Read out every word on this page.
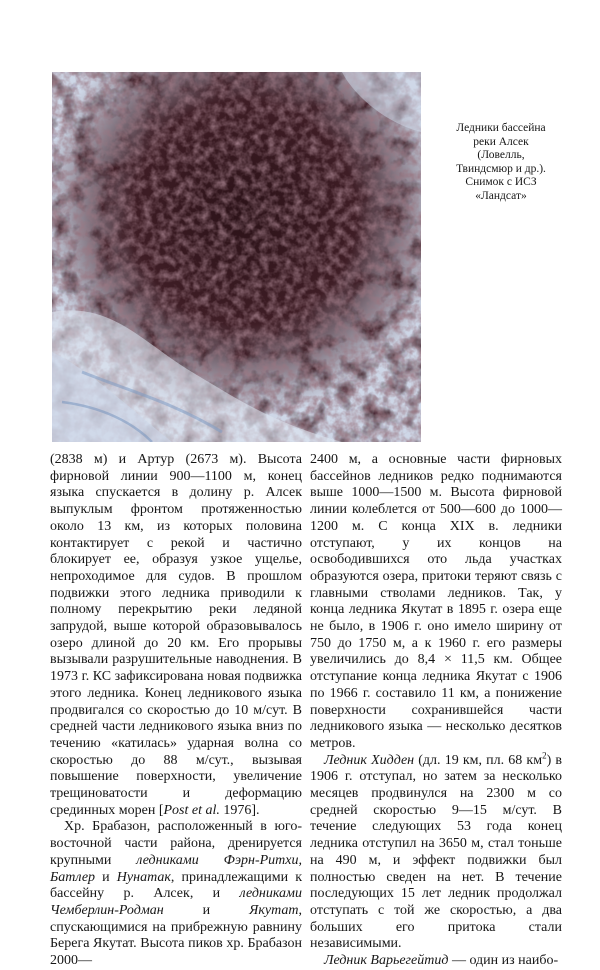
Ледники бассейна
реки Алсек
(Ловелль,
Твиндсмюр и др.).
Снимок с ИСЗ
«Ландсат»

(2838 м) и Артур (2673 м). Высота фирновой линии 900—1100 м, конец языка спускается в долину р. Алсек выпуклым фронтом протяженностью около 13 км, из которых половина контактирует с рекой и частично блокирует ее, образуя узкое ущелье, непроходимое для судов. В прошлом подвижки этого ледника приводили к полному перекрытию реки ледяной запрудой, выше которой образовывалось озеро длиной до 20 км. Его прорывы вызывали разрушительные наводнения. В 1973 г. КС зафиксирована новая подвижка этого ледника. Конец ледникового языка продвигался со скоростью до 10 м/сут. В средней части ледникового языка вниз по течению «катилась» ударная волна со скоростью до 88 м/сут., вызывая повышение поверхности, увеличение трещиноватости и деформацию срединных морен [Post et al. 1976].

Хр. Брабазон, расположенный в юго-восточной части района, дренируется крупными ледниками Фэрн-Ритхи, Батлер и Нунатак, принадлежащими к бассейну р. Алсек, и ледниками Чемберлин-Родман и Якутат, спускающимися на прибрежную равнину Берега Якутат. Высота пиков хр. Брабазон 2000—

2400 м, а основные части фирновых бассейнов ледников редко поднимаются выше 1000—1500 м. Высота фирновой линии колеблется от 500—600 до 1000—1200 м. С конца XIX в. ледники отступают, у их концов на освободившихся ото льда участках образуются озера, притоки теряют связь с главными стволами ледников. Так, у конца ледника Якутат в 1895 г. озера еще не было, в 1906 г. оно имело ширину от 750 до 1750 м, а к 1960 г. его размеры увеличились до 8,4 × 11,5 км. Общее отступание конца ледника Якутат с 1906 по 1966 г. составило 11 км, а понижение поверхности сохранившейся части ледникового языка — несколько десятков метров.

Ледник Хидден (дл. 19 км, пл. 68 $км^2$) в 1906 г. отступал, но затем за несколько месяцев продвинулся на 2300 м со средней скоростью 9—15 м/сут. В течение следующих 53 года конец ледника отступил на 3650 м, стал тоньше на 490 м, и эффект подвижки был полностью сведен на нет. В течение последующих 15 лет ледник продолжал отступать с той же скоростью, а два больших его притока стали независимыми.

Ледник Варьегейтид — один из наибо-
